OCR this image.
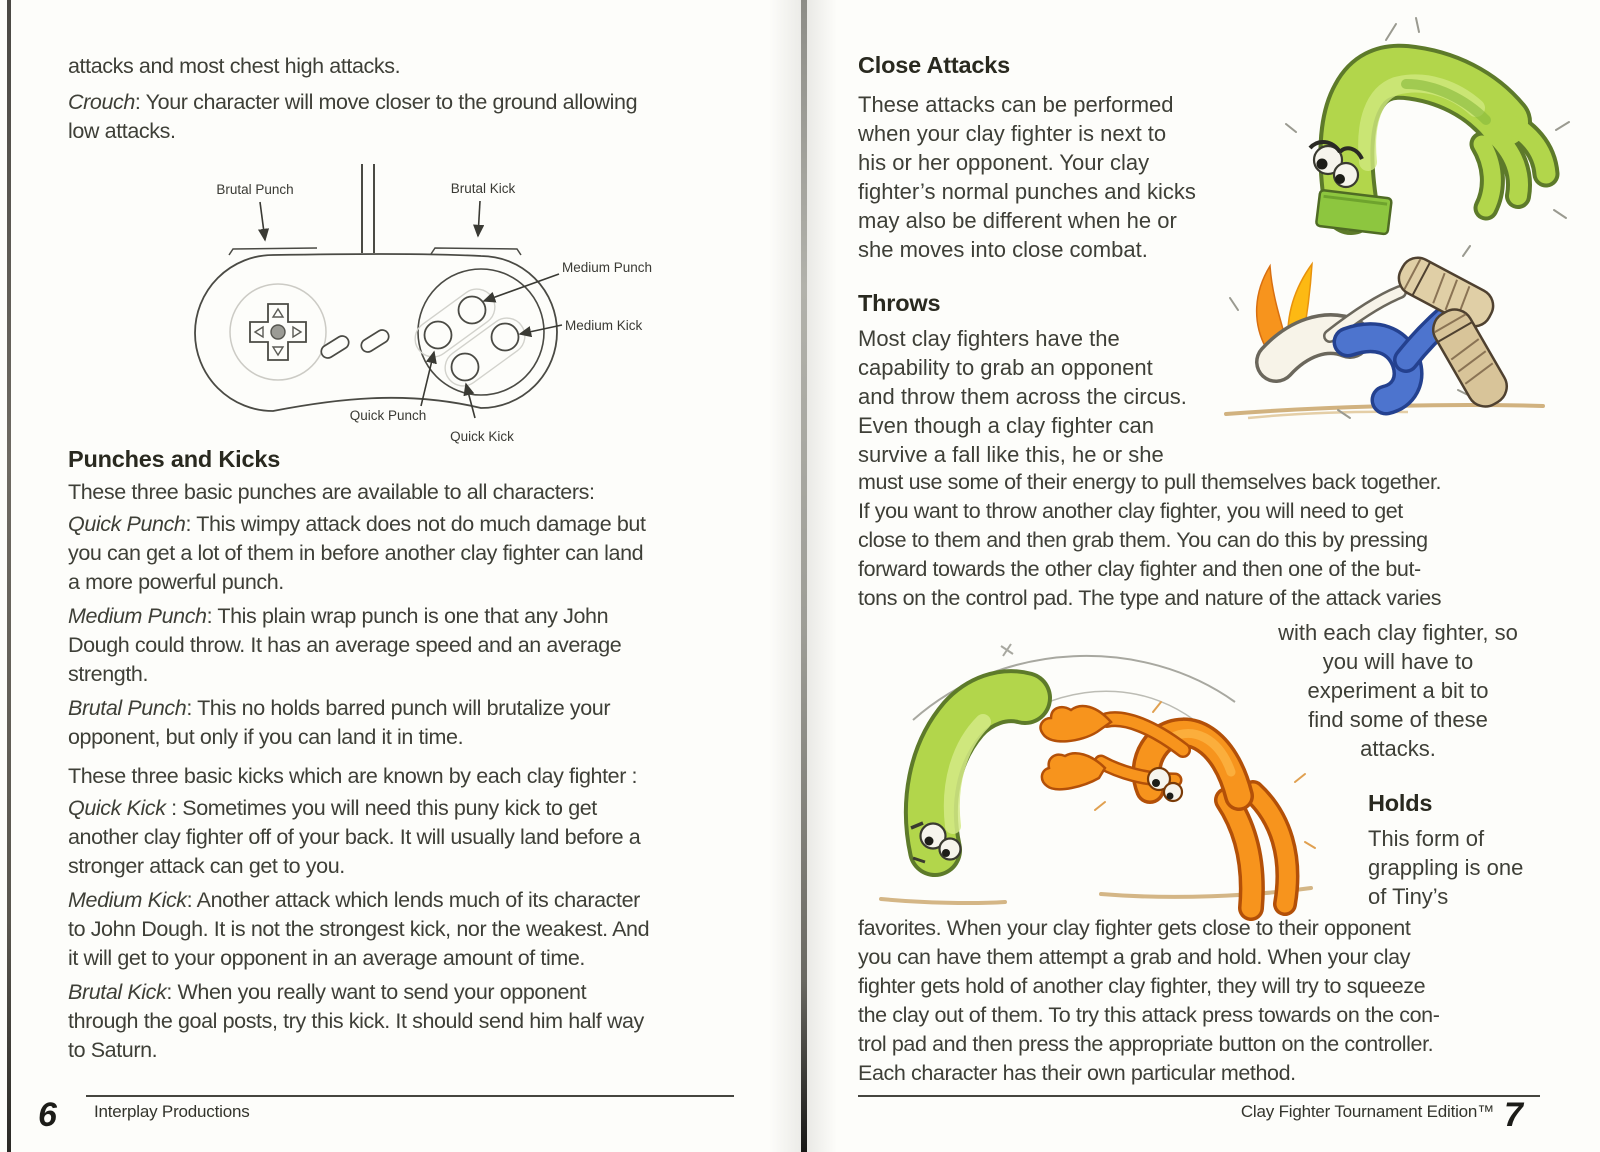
attacks and most chest high attacks.
Crouch: Your character will move closer to the ground allowing
low attacks.
Brutal Punch	Brutal Kick
Medium Punch
Medium Kick
Quick Punch
Quick Kick
Punches and Kicks
These three basic punches are available to all characters:
Quick Punch: This wimpy attack does not do much damage but
you can get a lot of them in before another clay fighter can land
a more powerful punch.
Medium Punch: This plain wrap punch is one that any John
Dough could throw. It has an average speed and an average
strength.
Brutal Punch: This no holds barred punch will brutalize your
opponent, but only if you can land it in time.
These three basic kicks which are known by each clay fighter :
Quick Kick : Sometimes you will need this puny kick to get
another clay fighter off of your back. It will usually land before a
stronger attack can get to you.
Medium Kick: Another attack which lends much of its character
to John Dough. It is not the strongest kick, nor the weakest. And
it will get to your opponent in an average amount of time.
Brutal Kick: When you really want to send your opponent
through the goal posts, try this kick. It should send him half way
to Saturn.
6 Interplay Productions
Close Attacks
These attacks can be performed
when your clay fighter is next to
his or her opponent. Your clay
fighter’s normal punches and kicks
may also be different when he or
she moves into close combat.
Throws
Most clay fighters have the
capability to grab an opponent
and throw them across the circus.
Even though a clay fighter can
survive a fall like this, he or she
must use some of their energy to pull themselves back together.
If you want to throw another clay fighter, you will need to get
close to them and then grab them. You can do this by pressing
forward towards the other clay fighter and then one of the but-
tons on the control pad. The type and nature of the attack varies
with each clay fighter, so
you will have to
experiment a bit to
find some of these
attacks.
Holds
This form of
grappling is one
of Tiny’s
favorites. When your clay fighter gets close to their opponent
you can have them attempt a grab and hold. When your clay
fighter gets hold of another clay fighter, they will try to squeeze
the clay out of them. To try this attack press towards on the con-
trol pad and then press the appropriate button on the controller.
Each character has their own particular method.
Clay Fighter Tournament Edition™ 7
